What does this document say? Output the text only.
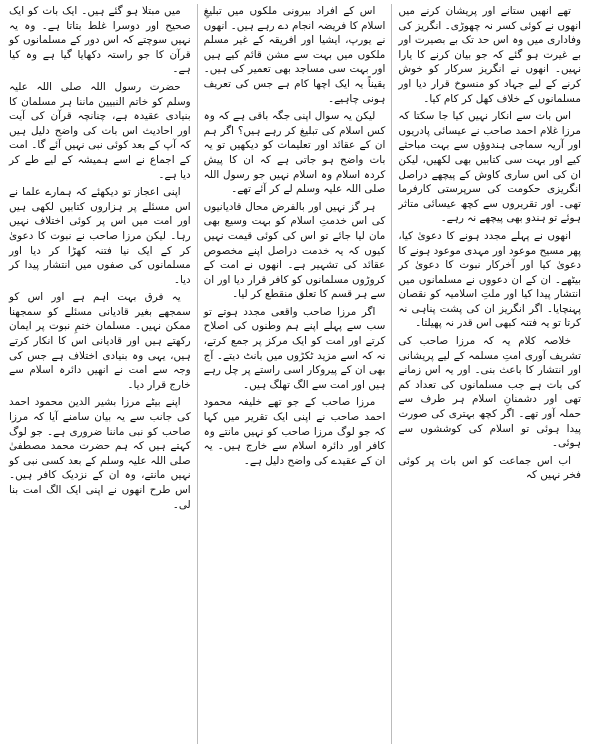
تھے انھیں ستانے اور پریشان کرنے میں انھوں نے کوئی کسر نہ چھوڑی۔ انگریز کی وفاداری میں وہ اس حد تک بے بصیرت اور بے غیرت ہو گئے کہ جو بیان کرنے کا یارا نہیں۔ انھوں نے انگریز سرکار کو خوش کرنے کے لیے جہاد کو منسوخ قرار دیا اور مسلمانوں کے خلاف کھل کر کام کیا۔

اس بات سے انکار نہیں کیا جا سکتا کہ مرزا غلام احمد صاحب نے عیسائی پادریوں اور آریہ سماجی ہندوؤں سے بہت مباحثے کیے اور بہت سی کتابیں بھی لکھیں، لیکن ان کی اس ساری کاوش کے پیچھے دراصل انگریزی حکومت کی سرپرستی کارفرما تھی۔ اور تقریروں سے کچھ عیسائی متاثر ہوئے تو ہندو بھی پیچھے نہ رہے۔

انھوں نے پہلے مجدد ہونے کا دعویٰ کیا، پھر مسیح موعود اور مہدی موعود ہونے کا دعویٰ کیا اور آخرکار نبوت کا دعویٰ کر بیٹھے۔ ان کے ان دعووں نے مسلمانوں میں انتشار پیدا کیا اور ملتِ اسلامیہ کو نقصان پہنچایا۔ اگر انگریز ان کی پشت پناہی نہ کرتا تو یہ فتنہ کبھی اس قدر نہ پھیلتا۔

خلاصہ کلام یہ کہ مرزا صاحب کی تشریف آوری امتِ مسلمہ کے لیے پریشانی اور انتشار کا باعث بنی۔ اور یہ اس زمانے کی بات ہے جب مسلمانوں کی تعداد کم تھی اور دشمنانِ اسلام ہر طرف سے حملہ آور تھے۔ اگر کچھ بہتری کی صورت پیدا ہوئی تو اسلام کی کوششوں سے ہوئی۔

اب اس جماعت کو اس بات پر کوئی فخر نہیں کہ

اس کے افراد بیرونی ملکوں میں تبلیغِ اسلام کا فریضہ انجام دے رہے ہیں۔ انھوں نے یورپ، ایشیا اور افریقہ کے غیر مسلم ملکوں میں بہت سے مشن قائم کیے ہیں اور بہت سی مساجد بھی تعمیر کی ہیں۔ یقیناً یہ ایک اچھا کام ہے جس کی تعریف ہونی چاہیے۔

لیکن یہ سوال اپنی جگہ باقی ہے کہ وہ کس اسلام کی تبلیغ کر رہے ہیں؟ اگر ہم ان کے عقائد اور تعلیمات کو دیکھیں تو یہ بات واضح ہو جاتی ہے کہ ان کا پیش کردہ اسلام وہ اسلام نہیں جو رسول اللہ صلی اللہ علیہ وسلم لے کر آئے تھے۔

ہر گز نہیں اور بالفرض محال قادیانیوں کی اس خدمتِ اسلام کو بہت وسیع بھی مان لیا جائے تو اس کی کوئی قیمت نہیں کیوں کہ یہ خدمت دراصل اپنے مخصوص عقائد کی تشہیر ہے۔ انھوں نے امت کے کروڑوں مسلمانوں کو کافر قرار دیا اور ان سے ہر قسم کا تعلق منقطع کر لیا۔

اگر مرزا صاحب واقعی مجدد ہوتے تو سب سے پہلے اپنے ہم وطنوں کی اصلاح کرتے اور امت کو ایک مرکز پر جمع کرتے، نہ کہ اسے مزید ٹکڑوں میں بانٹ دیتے۔ آج بھی ان کے پیروکار اسی راستے پر چل رہے ہیں اور امت سے الگ تھلگ ہیں۔

مرزا صاحب کے جو تھے خلیفہ محمود احمد صاحب نے اپنی ایک تقریر میں کہا کہ جو لوگ مرزا صاحب کو نہیں مانتے وہ کافر اور دائرہ اسلام سے خارج ہیں۔ یہ ان کے عقیدے کی واضح دلیل ہے۔

میں مبتلا ہو گئے ہیں۔ ایک بات کو ایک صحیح اور دوسرا غلط بتاتا ہے۔ وہ یہ نہیں سوچتے کہ اس دور کے مسلمانوں کو قرآن کا جو راستہ دکھایا گیا ہے وہ کیا ہے۔

حضرت رسول اللہ صلی اللہ علیہ وسلم کو خاتم النبیین ماننا ہر مسلمان کا بنیادی عقیدہ ہے، چنانچہ قرآن کی آیت اور احادیث اس بات کی واضح دلیل ہیں کہ آپ کے بعد کوئی نبی نہیں آئے گا۔ امت کے اجماع نے اسے ہمیشہ کے لیے طے کر دیا ہے۔

اپنی اعجاز تو دیکھئے کہ ہمارے علما نے اس مسئلے پر ہزاروں کتابیں لکھی ہیں اور امت میں اس پر کوئی اختلاف نہیں رہا۔ لیکن مرزا صاحب نے نبوت کا دعویٰ کر کے ایک نیا فتنہ کھڑا کر دیا اور مسلمانوں کی صفوں میں انتشار پیدا کر دیا۔

یہ فرق بہت اہم ہے اور اس کو سمجھے بغیر قادیانی مسئلے کو سمجھنا ممکن نہیں۔ مسلمان ختمِ نبوت پر ایمان رکھتے ہیں اور قادیانی اس کا انکار کرتے ہیں، یہی وہ بنیادی اختلاف ہے جس کی وجہ سے امت نے انھیں دائرہ اسلام سے خارج قرار دیا۔

اپنے بیٹے مرزا بشیر الدین محمود احمد کی جانب سے یہ بیان سامنے آیا کہ مرزا صاحب کو نبی ماننا ضروری ہے۔ جو لوگ کہتے ہیں کہ ہم حضرت محمد مصطفیٰ صلی اللہ علیہ وسلم کے بعد کسی نبی کو نہیں مانتے، وہ ان کے نزدیک کافر ہیں۔ اس طرح انھوں نے اپنی ایک الگ امت بنا لی۔
